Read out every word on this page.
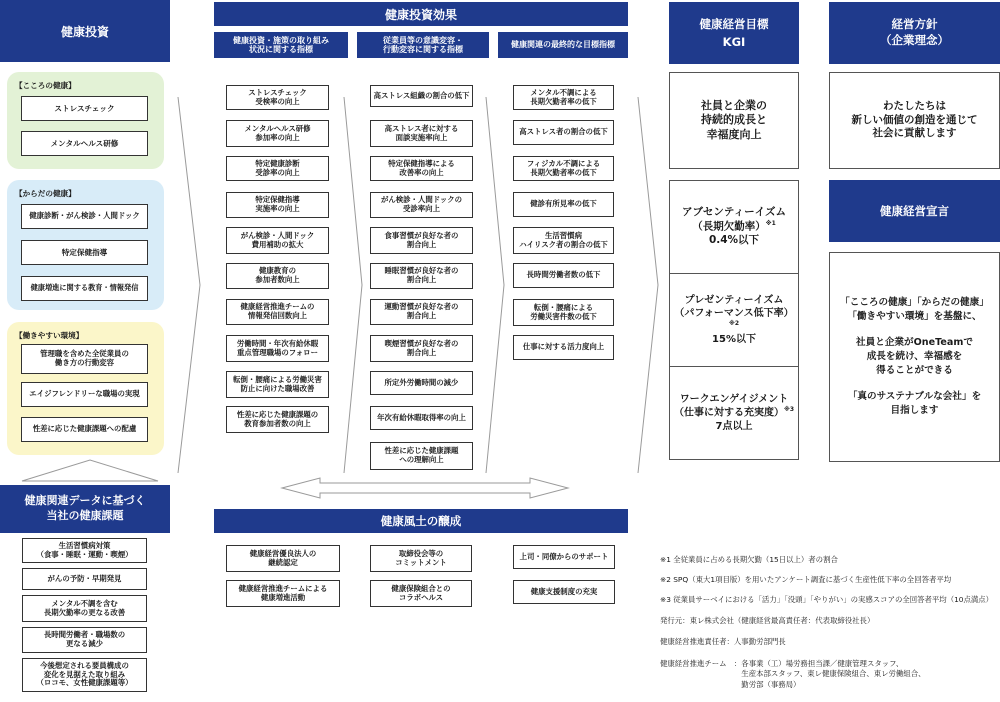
健康投資
健康投資効果
健康経営目標
KGI
経営方針
（企業理念）
健康投資・施策の取り組み
状況に関する指標
従業員等の意識変容・
行動変容に関する指標
健康関連の最終的な目標指標
【こころの健康】
ストレスチェック
メンタルヘルス研修
【からだの健康】
健康診断・がん検診・人間ドック
特定保健指導
健康増進に関する教育・情報発信
【働きやすい環境】
管理職を含めた全従業員の
働き方の行動変容
エイジフレンドリーな職場の実現
性差に応じた健康課題への配慮
健康関連データに基づく
当社の健康課題
生活習慣病対策
（食事・睡眠・運動・喫煙）
がんの予防・早期発見
メンタル不調を含む
長期欠勤率の更なる改善
長時間労働者・職場数の
更なる減少
今後想定される要員構成の
変化を見据えた取り組み
（ロコモ、女性健康課題等）
ストレスチェック
受検率の向上
メンタルヘルス研修
参加率の向上
特定健康診断
受診率の向上
特定保健指導
実施率の向上
がん検診・人間ドック
費用補助の拡大
健康教育の
参加者数向上
健康経営推進チームの
情報発信回数向上
労働時間・年次有給休暇
重点管理職場のフォロー
転倒・腰痛による労働災害
防止に向けた職場改善
性差に応じた健康課題の
教育参加者数の向上
高ストレス組織の割合の低下
高ストレス者に対する
面談実施率向上
特定保健指導による
改善率の向上
がん検診・人間ドックの
受診率向上
食事習慣が良好な者の
割合向上
睡眠習慣が良好な者の
割合向上
運動習慣が良好な者の
割合向上
喫煙習慣が良好な者の
割合向上
所定外労働時間の減少
年次有給休暇取得率の向上
性差に応じた健康課題
への理解向上
メンタル不調による
長期欠勤者率の低下
高ストレス者の割合の低下
フィジカル不調による
長期欠勤者率の低下
健診有所見率の低下
生活習慣病
ハイリスク者の割合の低下
長時間労働者数の低下
転倒・腰痛による
労働災害件数の低下
仕事に対する活力度向上
健康風土の醸成
健康経営優良法人の
継続認定
取締役会等の
コミットメント
上司・同僚からのサポート
健康経営推進チームによる
健康増進活動
健康保険組合との
コラボヘルス
健康支援制度の充実
社員と企業の
持続的成長と
幸福度向上
アブセンティーイズム
（長期欠勤率）$^{※1}$
0.4%以下
プレゼンティーイズム
（パフォーマンス低下率）$^{※2}$
15%以下
ワークエンゲイジメント
（仕事に対する充実度）$^{※3}$
7点以上
わたしたちは
新しい価値の創造を通じて
社会に貢献します
健康経営宣言
「こころの健康」「からだの健康」
「働きやすい環境」を基盤に、
社員と企業がOneTeamで
成長を続け、幸福感を
得ることができる
「真のサステナブルな会社」を
目指します

※1 全従業員に占める長期欠勤（15日以上）者の割合

※2 SPQ（東大1項目版）を用いたアンケート調査に基づく生産性低下率の全回答者平均

※3 従業員サーベイにおける「活力」「没頭」「やりがい」の実感スコアの全回答者平均（10点満点）

発行元：東レ株式会社（健康経営最高責任者：代表取締役社長）

健康経営推進責任者：人事勤労部門長

健康経営推進チーム　：各事業（工）場労務担当課／健康管理スタッフ、
　　　　　　　　　　　生産本部スタッフ、東レ健康保険組合、東レ労働組合、
　　　　　　　　　　　勤労部（事務局）
